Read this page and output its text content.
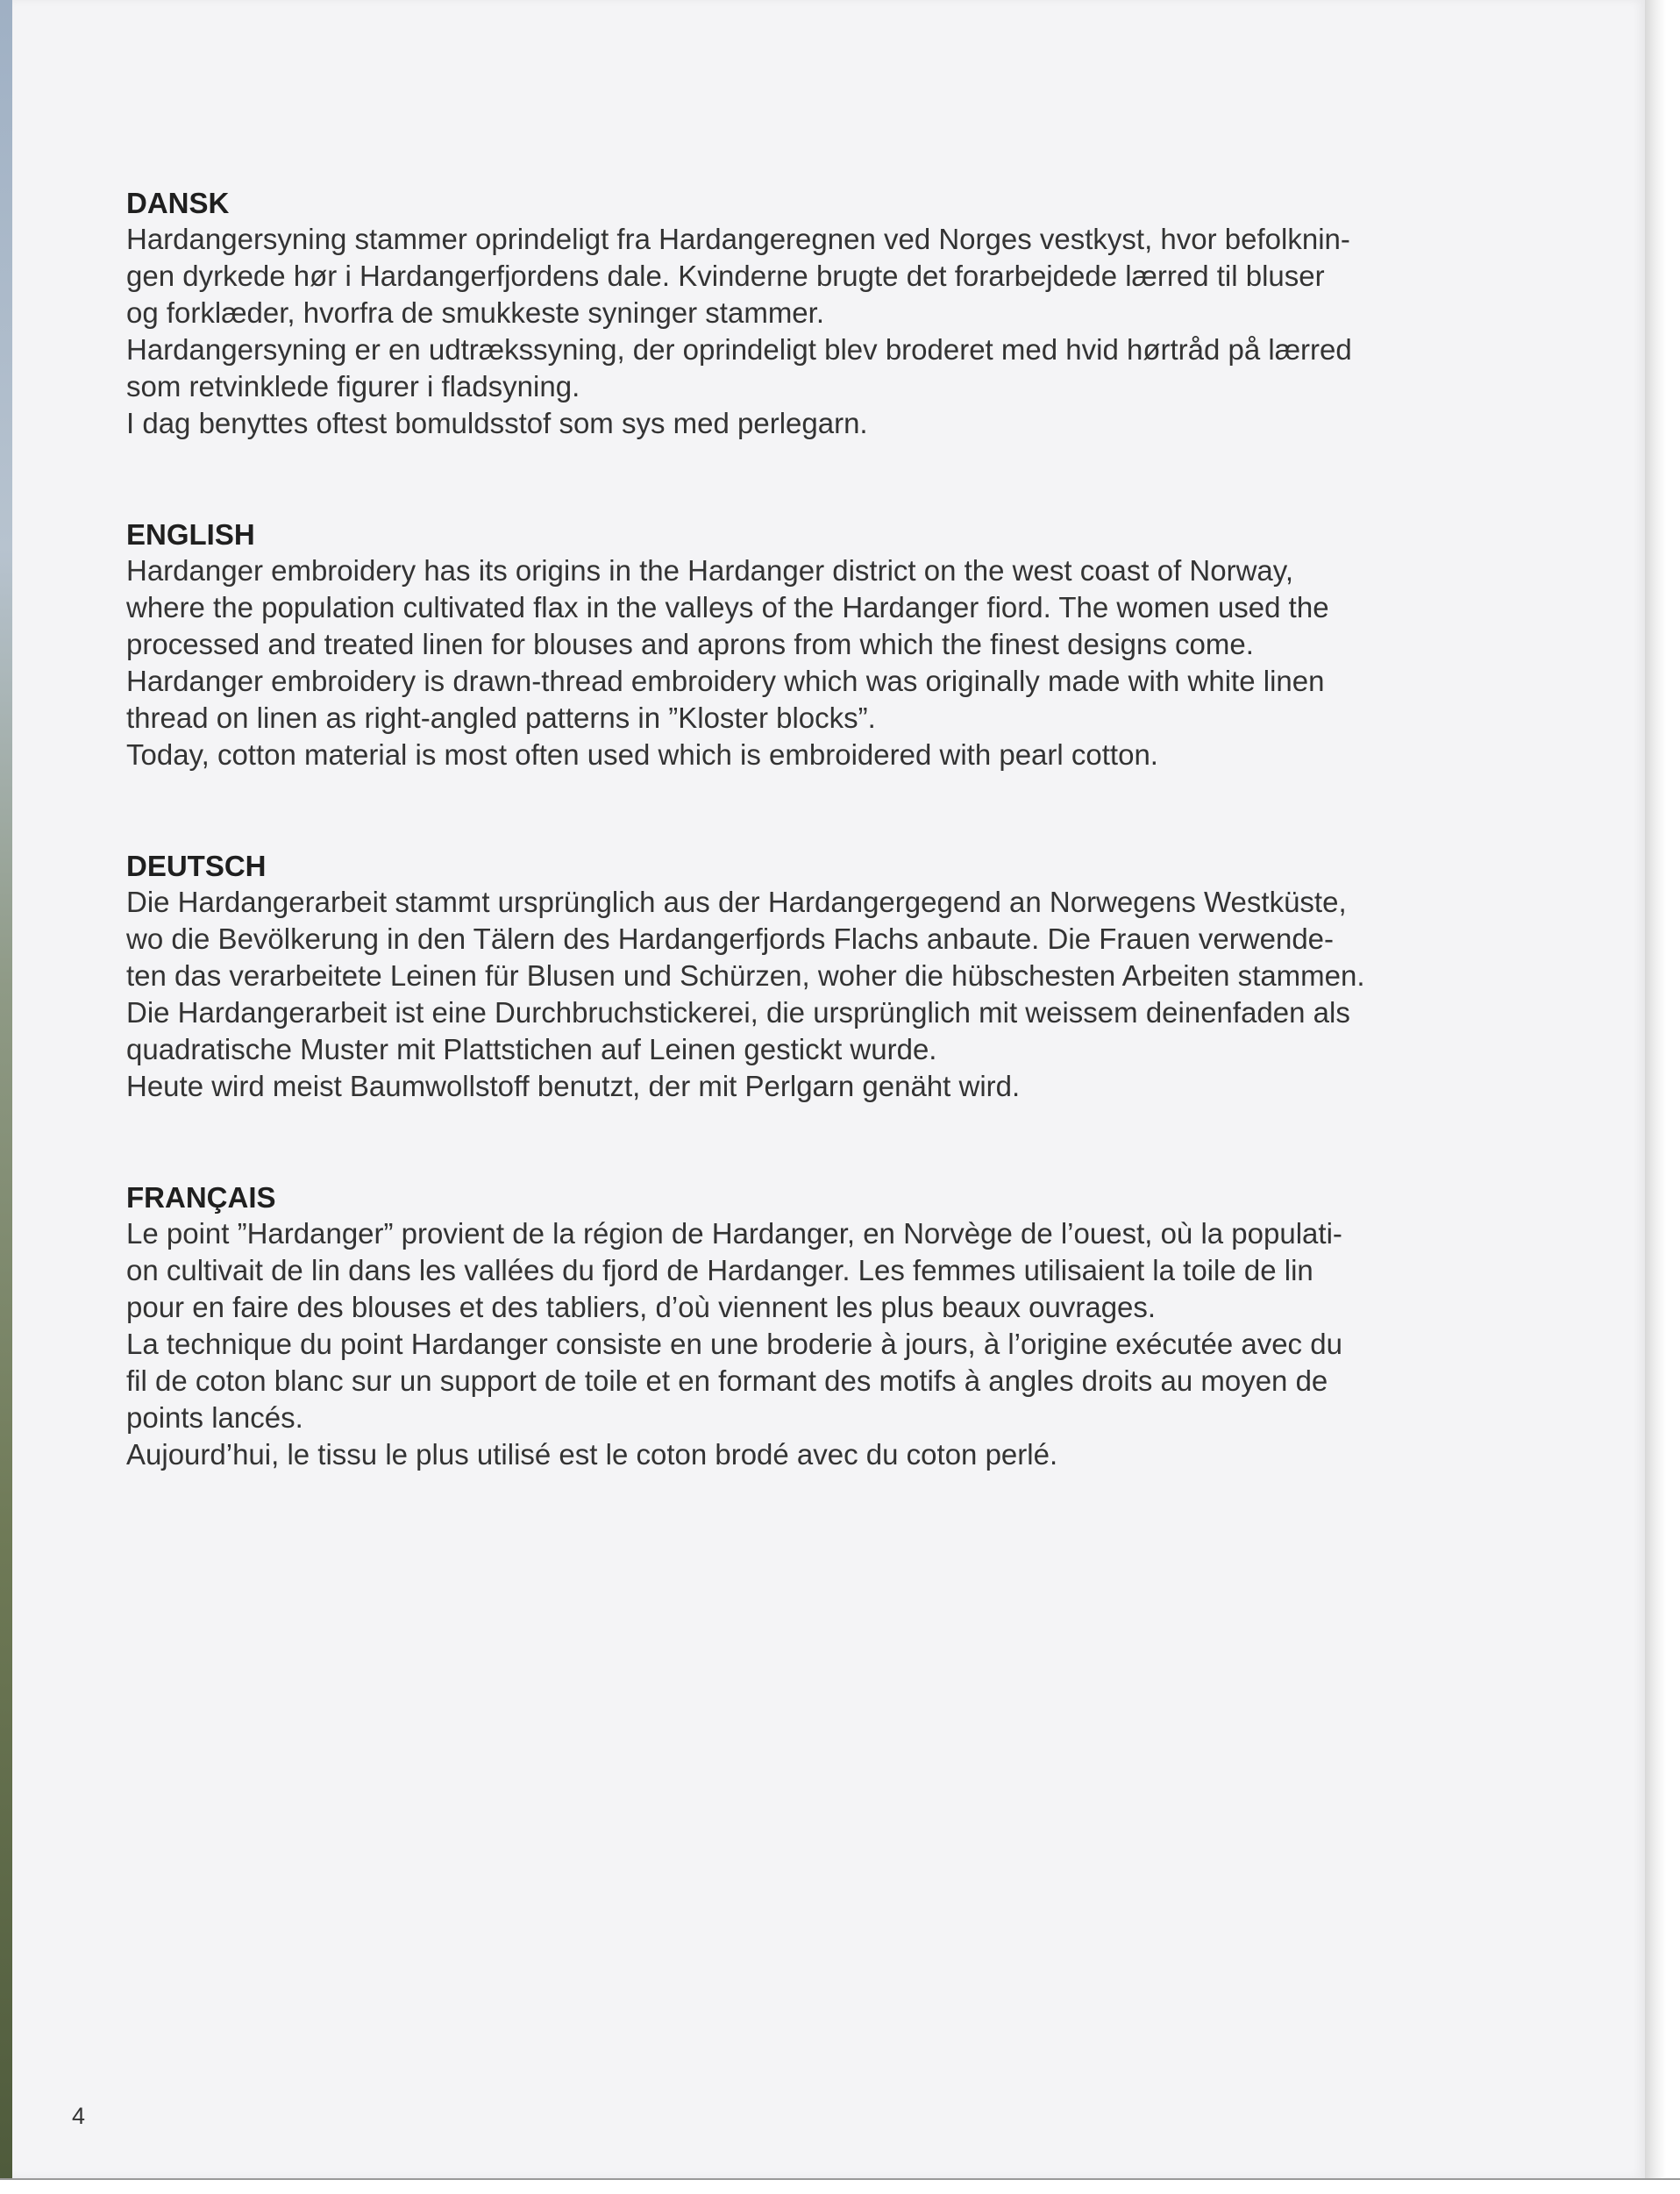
DANSK
Hardangersyning stammer oprindeligt fra Hardangeregnen ved Norges vestkyst, hvor befolknin-
gen dyrkede hør i Hardangerfjordens dale. Kvinderne brugte det forarbejdede lærred til bluser
og forklæder, hvorfra de smukkeste syninger stammer.
Hardangersyning er en udtrækssyning, der oprindeligt blev broderet med hvid hørtråd på lærred
som retvinklede figurer i fladsyning.
I dag benyttes oftest bomuldsstof som sys med perlegarn.
ENGLISH
Hardanger embroidery has its origins in the Hardanger district on the west coast of Norway,
where the population cultivated flax in the valleys of the Hardanger fiord. The women used the
processed and treated linen for blouses and aprons from which the finest designs come.
Hardanger embroidery is drawn-thread embroidery which was originally made with white linen
thread on linen as right-angled patterns in ”Kloster blocks”.
Today, cotton material is most often used which is embroidered with pearl cotton.
DEUTSCH
Die Hardangerarbeit stammt ursprünglich aus der Hardangergegend an Norwegens Westküste,
wo die Bevölkerung in den Tälern des Hardangerfjords Flachs anbaute. Die Frauen verwende-
ten das verarbeitete Leinen für Blusen und Schürzen, woher die hübschesten Arbeiten stammen.
Die Hardangerarbeit ist eine Durchbruchstickerei, die ursprünglich mit weissem deinenfaden als
quadratische Muster mit Plattstichen auf Leinen gestickt wurde.
Heute wird meist Baumwollstoff benutzt, der mit Perlgarn genäht wird.
FRANÇAIS
Le point ”Hardanger” provient de la région de Hardanger, en Norvège de l’ouest, où la populati-
on cultivait de lin dans les vallées du fjord de Hardanger. Les femmes utilisaient la toile de lin
pour en faire des blouses et des tabliers, d’où viennent les plus beaux ouvrages.
La technique du point Hardanger consiste en une broderie à jours, à l’origine exécutée avec du
fil de coton blanc sur un support de toile et en formant des motifs à angles droits au moyen de
points lancés.
Aujourd’hui, le tissu le plus utilisé est le coton brodé avec du coton perlé.
4
